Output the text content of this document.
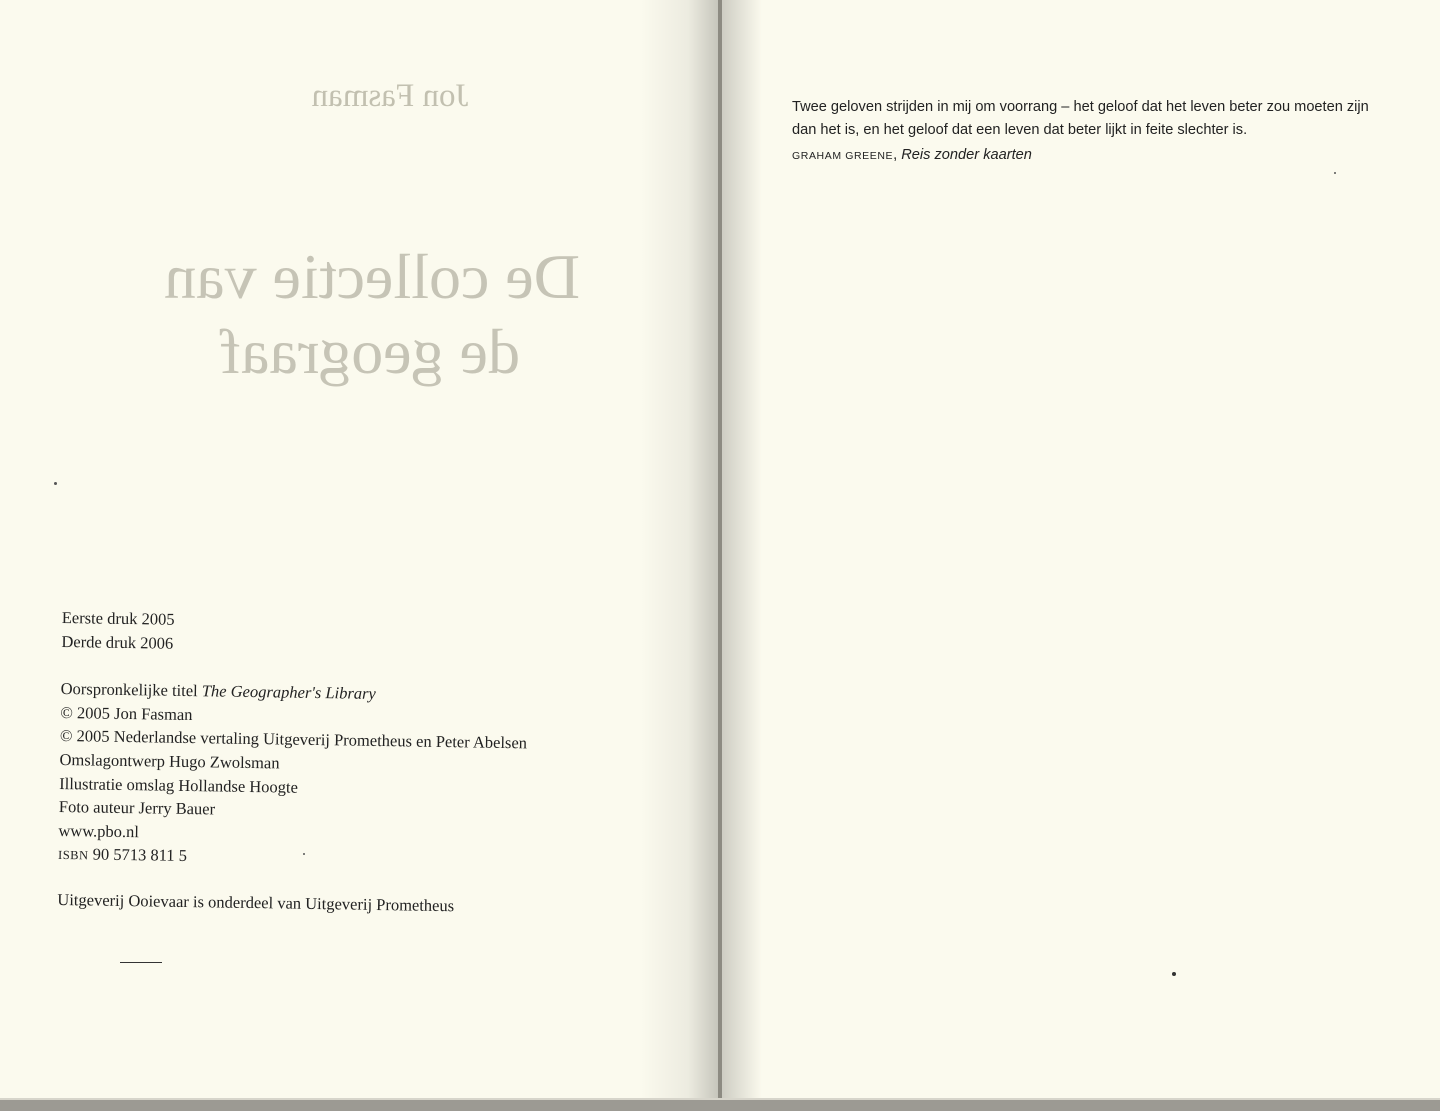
Jon Fasman
De collectie van
de geograaf
Eerste druk 2005
Derde druk 2006
Oorspronkelijke titel The Geographer's Library
© 2005 Jon Fasman
© 2005 Nederlandse vertaling Uitgeverij Prometheus en Peter Abelsen
Omslagontwerp Hugo Zwolsman
Illustratie omslag Hollandse Hoogte
Foto auteur Jerry Bauer
www.pbo.nl
ISBN 90 5713 811 5
Uitgeverij Ooievaar is onderdeel van Uitgeverij Prometheus

Twee geloven strijden in mij om voorrang – het geloof dat het leven beter zou moeten zijn dan het is, en het geloof dat een leven dat beter lijkt in feite slechter is.

GRAHAM GREENE, Reis zonder kaarten
